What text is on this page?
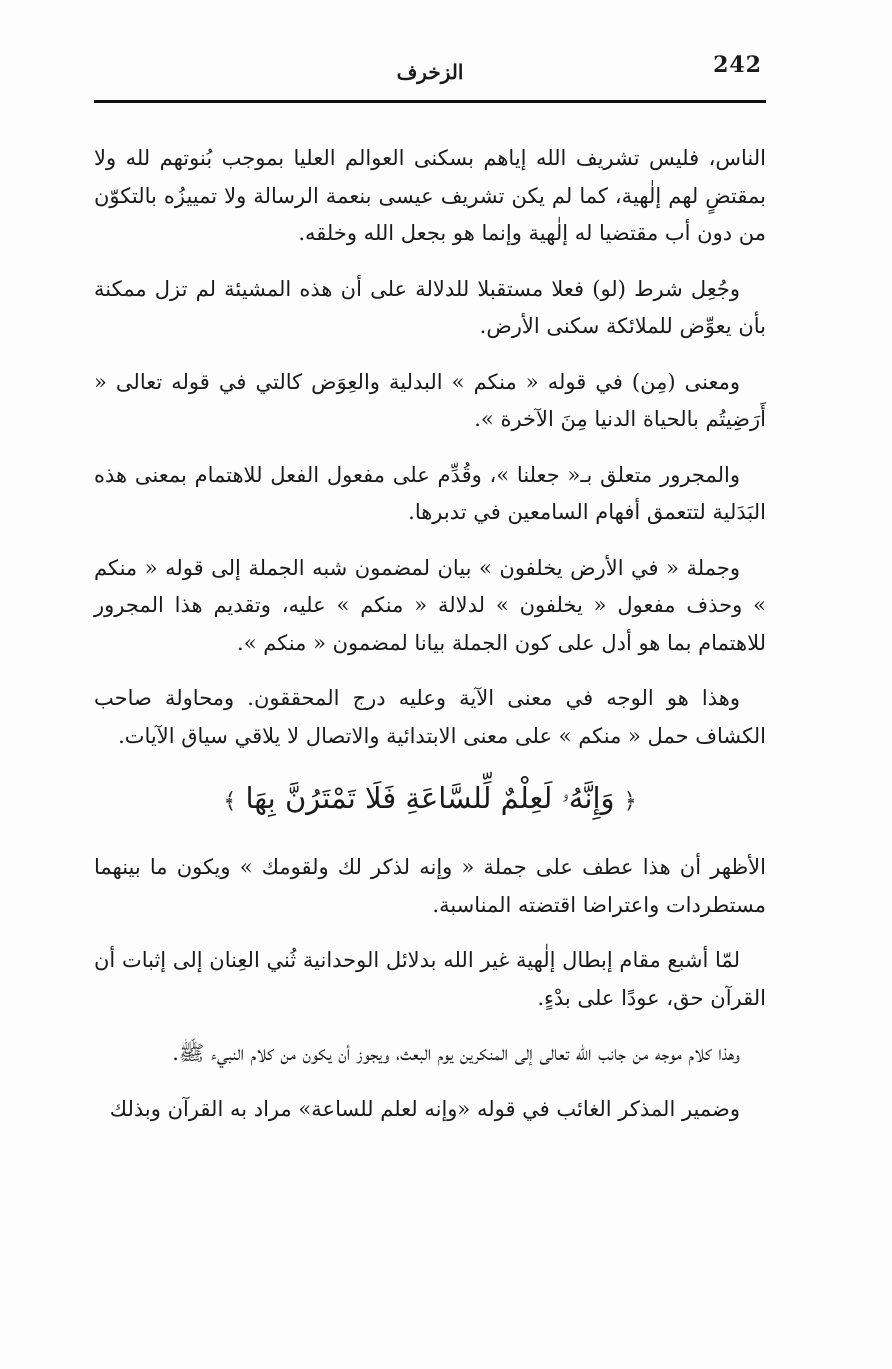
242
الزخرف

الناس، فليس تشريف الله إياهم بسكنى العوالم العليا بموجب بُنوتهم لله ولا بمقتضٍ لهم إلٰهية، كما لم يكن تشريف عيسى بنعمة الرسالة ولا تمييزُه بالتكوّن من دون أب مقتضيا له إلٰهية وإنما هو بجعل الله وخلقه.

وجُعِل شرط (لو) فعلا مستقبلا للدلالة على أن هذه المشيئة لم تزل ممكنة بأن يعوِّض للملائكة سكنى الأرض.

ومعنى (مِن) في قوله « منكم » البدلية والعِوَض كالتي في قوله تعالى « أَرَضِيتُم بالحياة الدنيا مِنَ الآخرة ».

والمجرور متعلق بـ« جعلنا »، وقُدِّم على مفعول الفعل للاهتمام بمعنى هذه البَدَلية لتتعمق أفهام السامعين في تدبرها.

وجملة « في الأرض يخلفون » بيان لمضمون شبه الجملة إلى قوله « منكم » وحذف مفعول « يخلفون » لدلالة « منكم » عليه، وتقديم هذا المجرور للاهتمام بما هو أدل على كون الجملة بيانا لمضمون « منكم ».

وهذا هو الوجه في معنى الآية وعليه درج المحققون. ومحاولة صاحب الكشاف حمل « منكم » على معنى الابتدائية والاتصال لا يلاقي سياق الآيات.

﴿ وَإِنَّهُۥ لَعِلْمٌ لِّلسَّاعَةِ فَلَا تَمْتَرُنَّ بِهَا ﴾

الأظهر أن هذا عطف على جملة « وإنه لذكر لك ولقومك » ويكون ما بينهما مستطردات واعتراضا اقتضته المناسبة.

لمّا أشبع مقام إبطال إلٰهية غير الله بدلائل الوحدانية ثُني العِنان إلى إثبات أن القرآن حق، عودًا على بدْءٍ.

وهذا كلام موجه من جانب الله تعالى إلى المنكرين يوم البعث، ويجوز أن يكون من كلام النبيء ﷺ.

وضمير المذكر الغائب في قوله «وإنه لعلم للساعة» مراد به القرآن وبذلك
